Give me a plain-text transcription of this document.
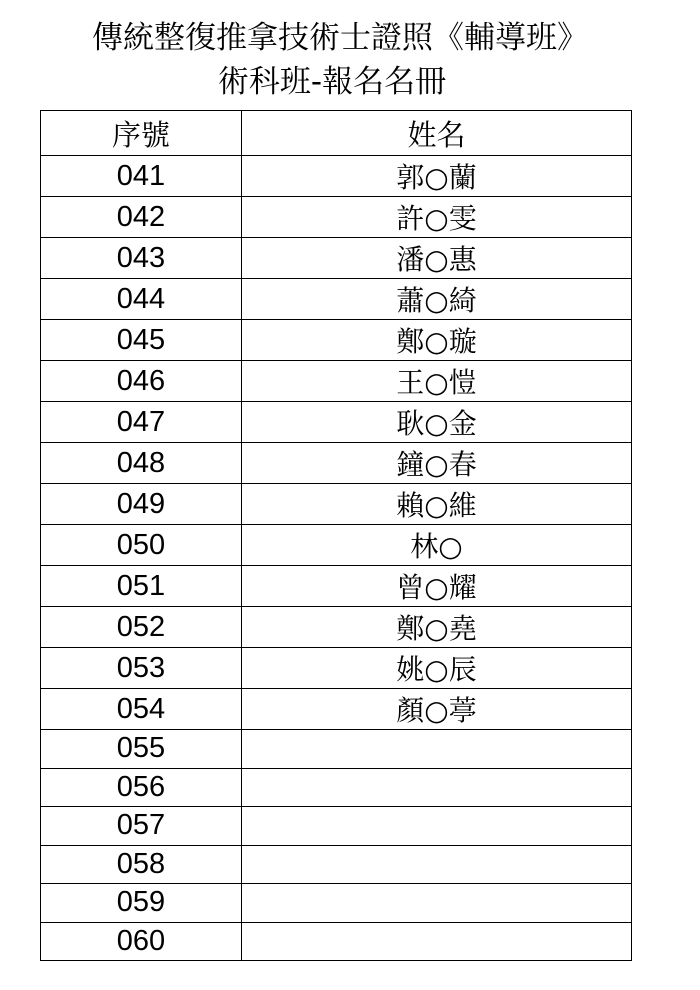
傳統整復推拿技術士證照《輔導班》
術科班-報名名冊
序號	姓名
041	郭○蘭
042	許○雯
043	潘○惠
044	蕭○綺
045	鄭○璇
046	王○愷
047	耿○金
048	鐘○春
049	賴○維
050	林○
051	曾○耀
052	鄭○堯
053	姚○辰
054	顏○葶
055	
056	
057	
058	
059	
060	
